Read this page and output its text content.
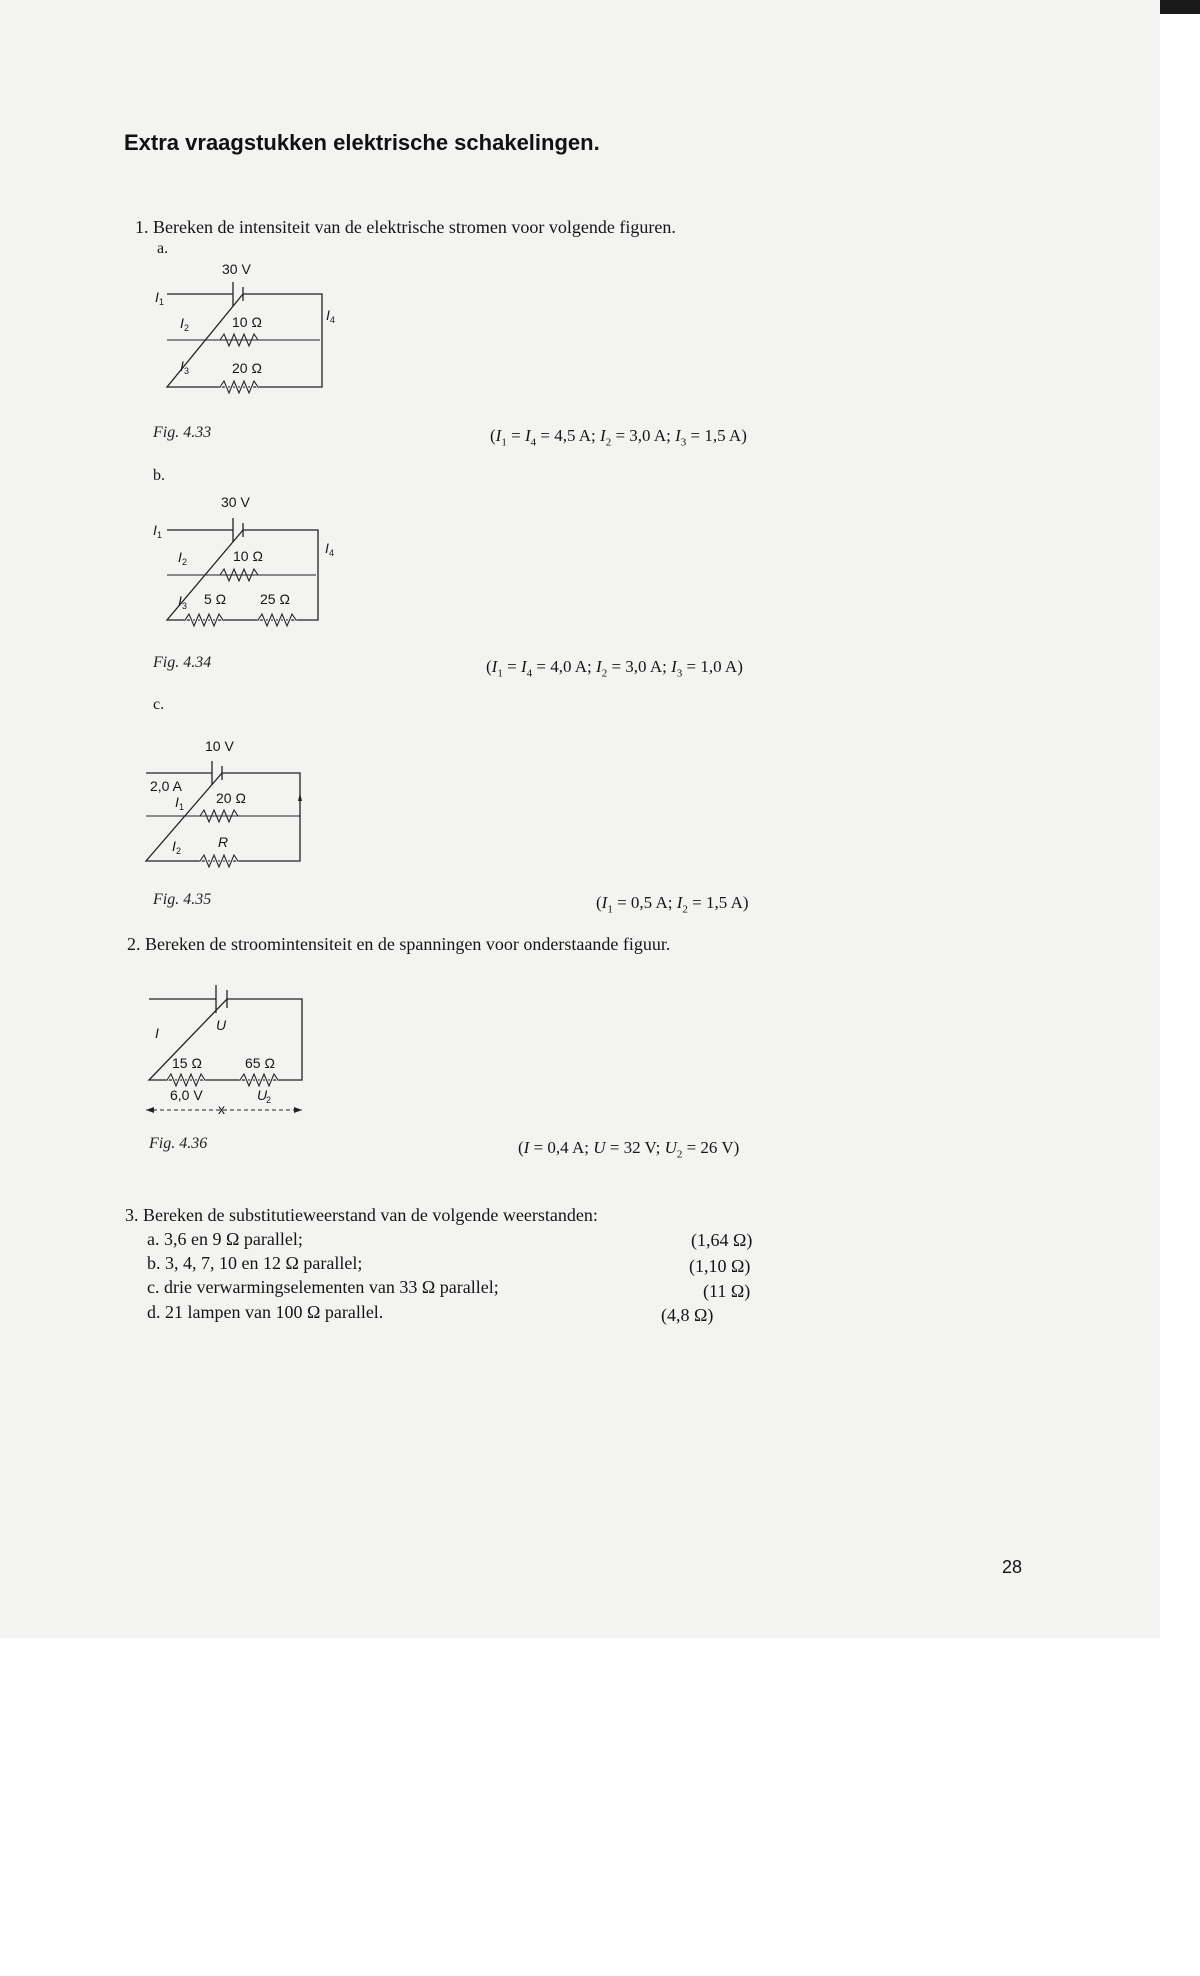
Extra vraagstukken elektrische schakelingen.
1. Bereken de intensiteit van de elektrische stromen voor volgende figuren.
a.
30 V
10 Ω
20 Ω
I 1
I 2
I 3
I 4
Fig. 4.33	($I_1 = I_4 = 4,5$ A; $I_2 = 3,0$ A; $I_3 = 1,5$ A)
b.
30 V
10 Ω
5 Ω 25 Ω
I 1
I 2
I 3
I 4
Fig. 4.34	($I_1 = I_4 = 4,0$ A; $I_2 = 3,0$ A; $I_3 = 1,0$ A)
c.
10 V
2,0 A
20 Ω
R
I 1
I 2
Fig. 4.35	($I_1 = 0,5$ A; $I_2 = 1,5$ A)
2. Bereken de stroomintensiteit en de spanningen voor onderstaande figuur.
U
I
15 Ω	65 Ω
6,0 V	U
2
x
Fig. 4.36	(I = 0,4 A; U = 32 V; $U_2 = 26$ V)
3. Bereken de substitutieweerstand van de volgende weerstanden:
a. 3,6 en 9 Ω parallel;	(1,64 Ω)
b. 3, 4, 7, 10 en 12 Ω parallel;	(1,10 Ω)
c. drie verwarmingselementen van 33 Ω parallel;	(11 Ω)
d. 21 lampen van 100 Ω parallel.	(4,8 Ω)
28
